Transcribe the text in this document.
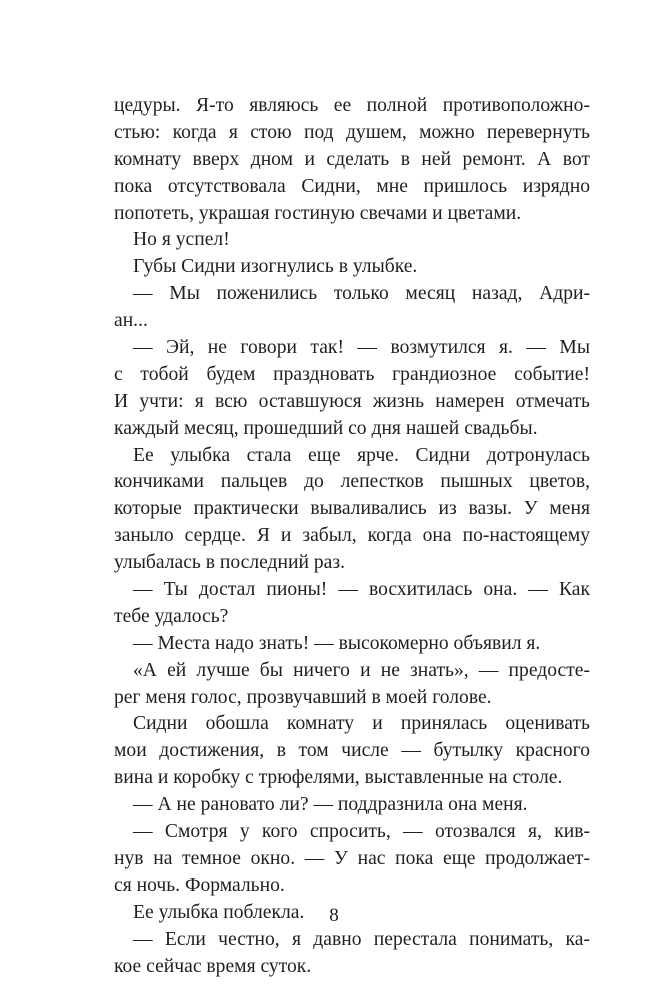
цедуры. Я-то являюсь ее полной противоположно-
стью: когда я стою под душем, можно перевернуть
комнату вверх дном и сделать в ней ремонт. А вот
пока отсутствовала Сидни, мне пришлось изрядно
попотеть, украшая гостиную свечами и цветами.
Но я успел!
Губы Сидни изогнулись в улыбке.
— Мы поженились только месяц назад, Адри-
ан...
— Эй, не говори так! — возмутился я. — Мы
с тобой будем праздновать грандиозное событие!
И учти: я всю оставшуюся жизнь намерен отмечать
каждый месяц, прошедший со дня нашей свадьбы.
Ее улыбка стала еще ярче. Сидни дотронулась
кончиками пальцев до лепестков пышных цветов,
которые практически вываливались из вазы. У меня
заныло сердце. Я и забыл, когда она по-настоящему
улыбалась в последний раз.
— Ты достал пионы! — восхитилась она. — Как
тебе удалось?
— Места надо знать! — высокомерно объявил я.
«А ей лучше бы ничего и не знать», — предосте-
рег меня голос, прозвучавший в моей голове.
Сидни обошла комнату и принялась оценивать
мои достижения, в том числе — бутылку красного
вина и коробку с трюфелями, выставленные на столе.
— А не рановато ли? — поддразнила она меня.
— Смотря у кого спросить, — отозвался я, кив-
нув на темное окно. — У нас пока еще продолжает-
ся ночь. Формально.
Ее улыбка поблекла.
— Если честно, я давно перестала понимать, ка-
кое сейчас время суток.
8
